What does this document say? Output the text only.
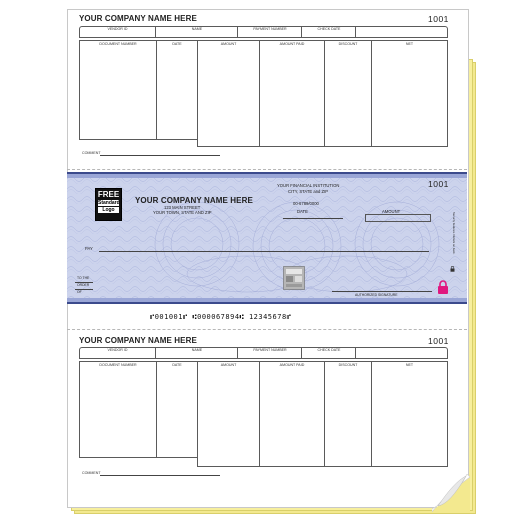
YOUR COMPANY NAME HERE	1001
VENDOR ID	NAME	PAYMENT NUMBER	CHECK DATE
DOCUMENT NUMBER	DATE	AMOUNT	AMOUNT PAID	DISCOUNT	NET
COMMENT
FREE
Standard
Logo
YOUR COMPANY NAME HERE
123 MAIN STREET
YOUR TOWN, STATE AND ZIP
YOUR FINANCIAL INSTITUTION
CITY, STATE and ZIP
00-6789/0000
1001
DATE	AMOUNT
PAY
TO THE
ORDER
OF
AUTHORIZED SIGNATURE
Security features. Details on back.
⑈001001⑈ ⑆000067894⑆ 12345678⑈
YOUR COMPANY NAME HERE	1001
VENDOR ID	NAME	PAYMENT NUMBER	CHECK DATE
DOCUMENT NUMBER	DATE	AMOUNT	AMOUNT PAID	DISCOUNT	NET
COMMENT
